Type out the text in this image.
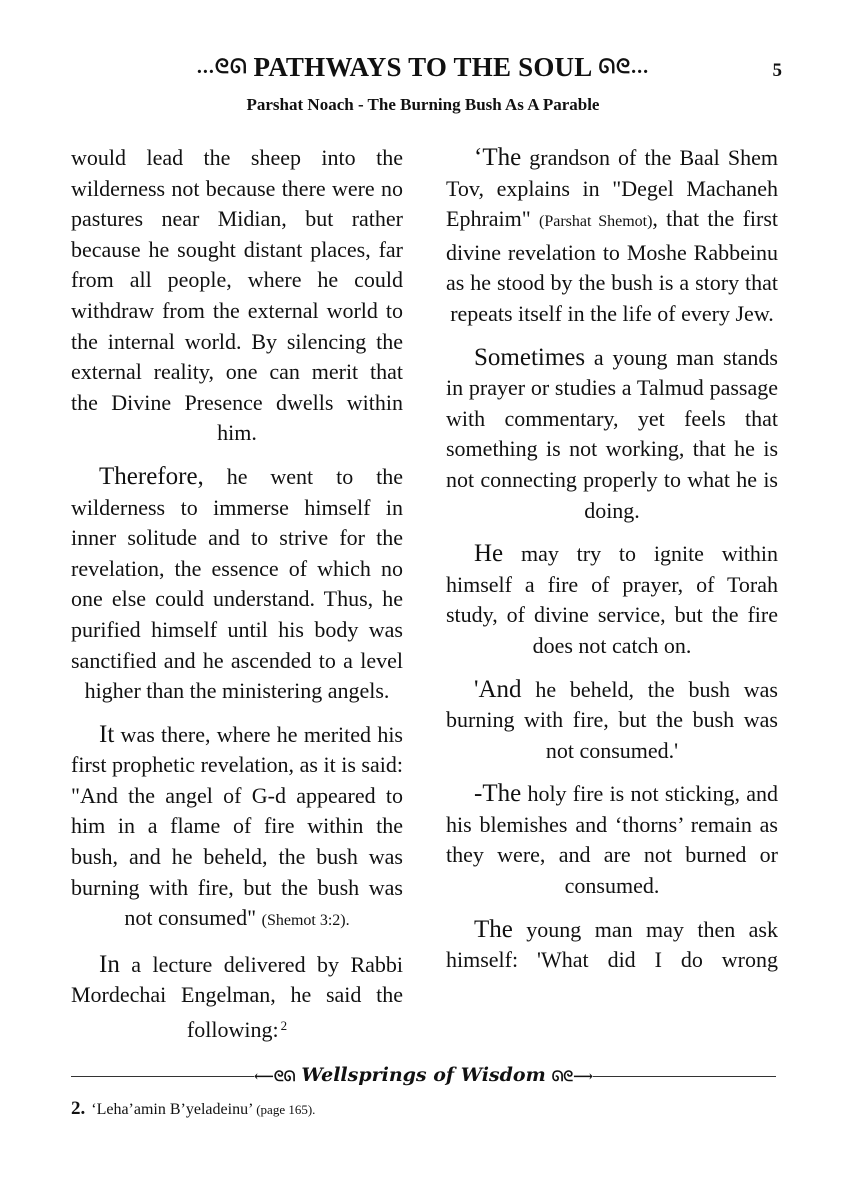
...ᘓᘏ PATHWAYS TO THE SOUL ᘏᘓ...	5
Parshat Noach - The Burning Bush As A Parable

would lead the sheep into the wilderness not because there were no pastures near Midian, but rather because he sought distant places, far from all people, where he could withdraw from the external world to the internal world. By silencing the external reality, one can merit that the Divine Presence dwells within him.

Therefore, he went to the wilderness to immerse himself in inner solitude and to strive for the revelation, the essence of which no one else could understand. Thus, he purified himself until his body was sanctified and he ascended to a level higher than the ministering angels.

It was there, where he merited his first prophetic revelation, as it is said: "And the angel of G-d appeared to him in a flame of fire within the bush, and he beheld, the bush was burning with fire, but the bush was not consumed" (Shemot 3:2).

In a lecture delivered by Rabbi Mordechai Engelman, he said the following: $^2$

‘The grandson of the Baal Shem Tov, explains in "Degel Machaneh Ephraim" (Parshat Shemot), that the first divine revelation to Moshe Rabbeinu as he stood by the bush is a story that repeats itself in the life of every Jew.

Sometimes a young man stands in prayer or studies a Talmud passage with commentary, yet feels that something is not working, that he is not connecting properly to what he is doing.

He may try to ignite within himself a fire of prayer, of Torah study, of divine service, but the fire does not catch on.

'And he beheld, the bush was burning with fire, but the bush was not consumed.'

-The holy fire is not sticking, and his blemishes and ‘thorns’ remain as they were, and are not burned or consumed.

The young man may then ask himself: 'What did I do wrong

⟵ᘓᘏ Wellsprings of Wisdom ᘏᘓ⟶
2. ‘Leha’amin B’yeladeinu’ (page 165).
